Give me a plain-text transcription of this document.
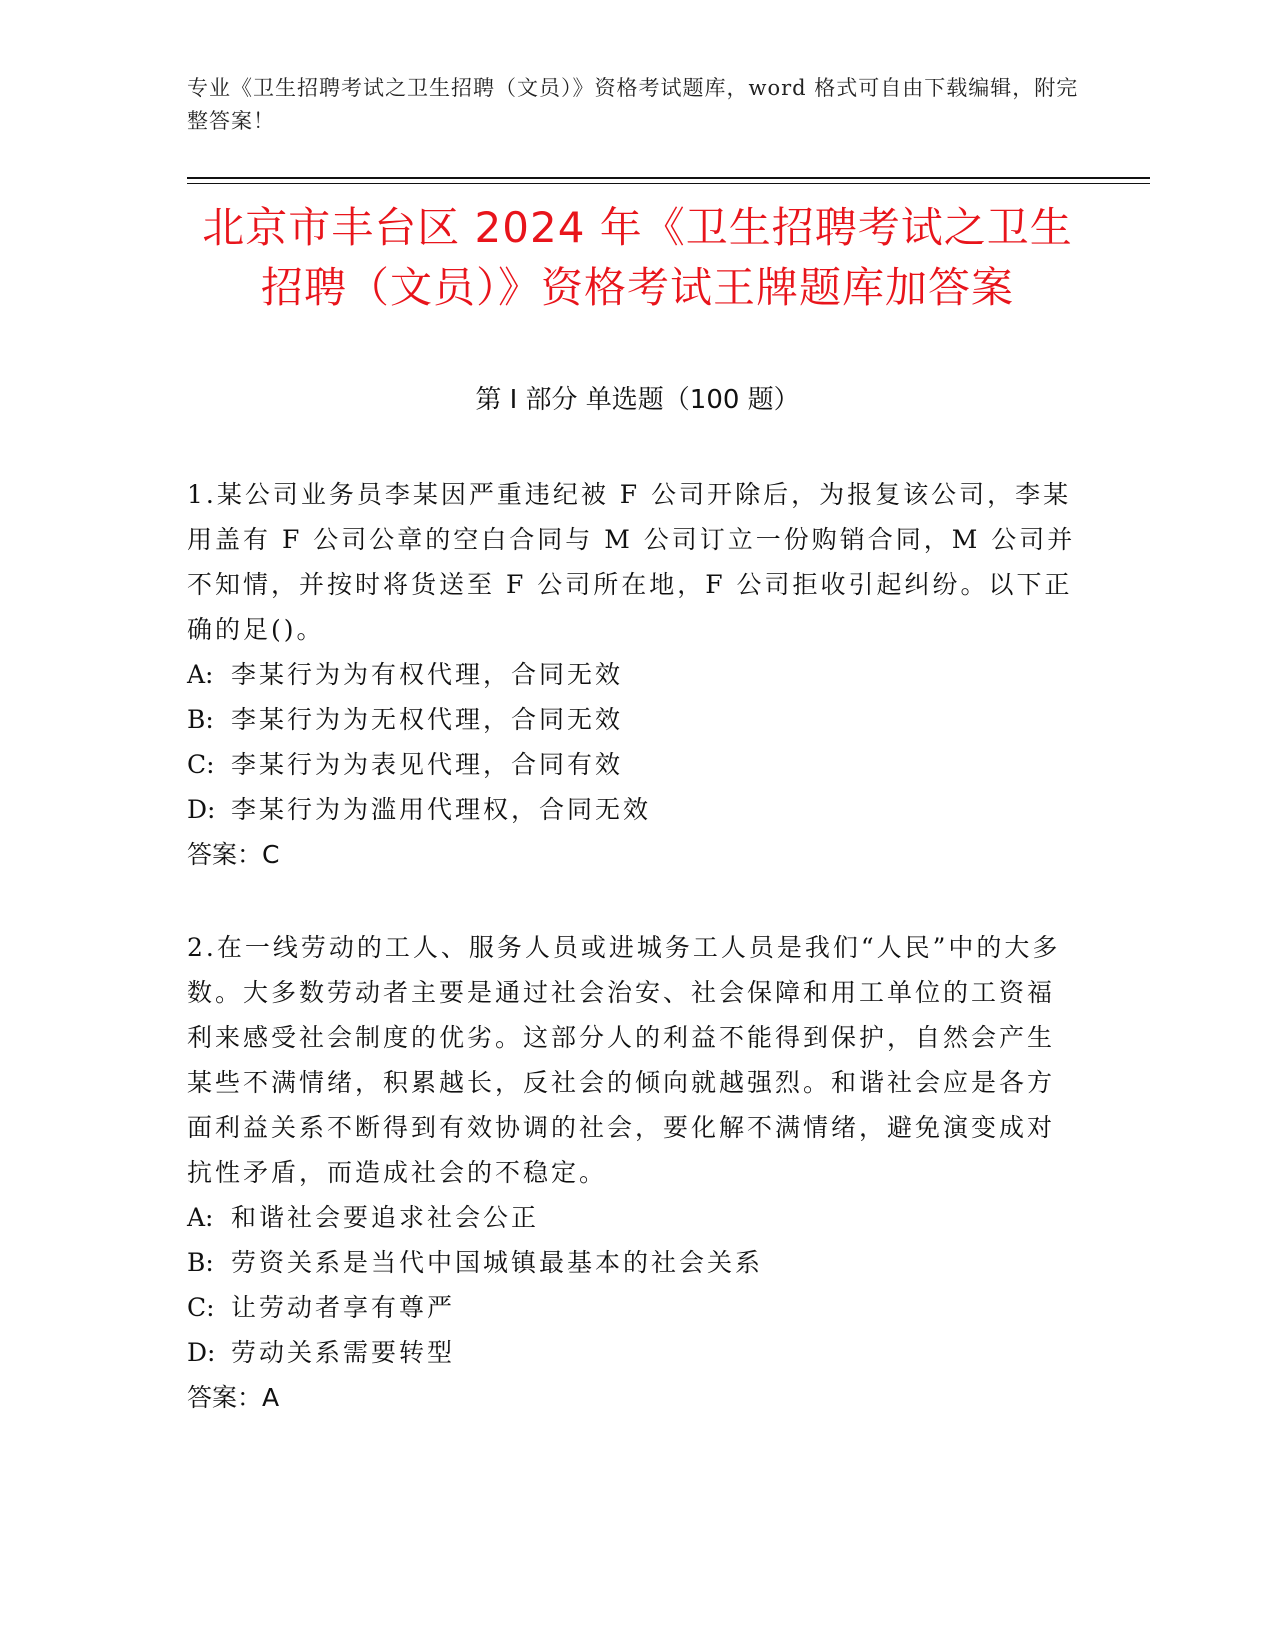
专业《卫生招聘考试之卫生招聘（文员）》资格考试题库，word 格式可自由下载编辑，附完整答案！
北京市丰台区 2024 年《卫生招聘考试之卫生
招聘（文员）》资格考试王牌题库加答案
第 I 部分 单选题（100 题）

1.某公司业务员李某因严重违纪被 F 公司开除后，为报复该公司，李某用盖有 F 公司公章的空白合同与 M 公司订立一份购销合同，M 公司并不知情，并按时将货送至 F 公司所在地，F 公司拒收引起纠纷。以下正确的足()。

A: 李某行为为有权代理，合同无效

B: 李某行为为无权代理，合同无效

C: 李某行为为表见代理，合同有效

D: 李某行为为滥用代理权，合同无效

答案：C

2.在一线劳动的工人、服务人员或进城务工人员是我们“人民”中的大多数。大多数劳动者主要是通过社会治安、社会保障和用工单位的工资福利来感受社会制度的优劣。这部分人的利益不能得到保护，自然会产生某些不满情绪，积累越长，反社会的倾向就越强烈。和谐社会应是各方面利益关系不断得到有效协调的社会，要化解不满情绪，避免演变成对抗性矛盾，而造成社会的不稳定。

A: 和谐社会要追求社会公正

B: 劳资关系是当代中国城镇最基本的社会关系

C: 让劳动者享有尊严

D: 劳动关系需要转型

答案：A
